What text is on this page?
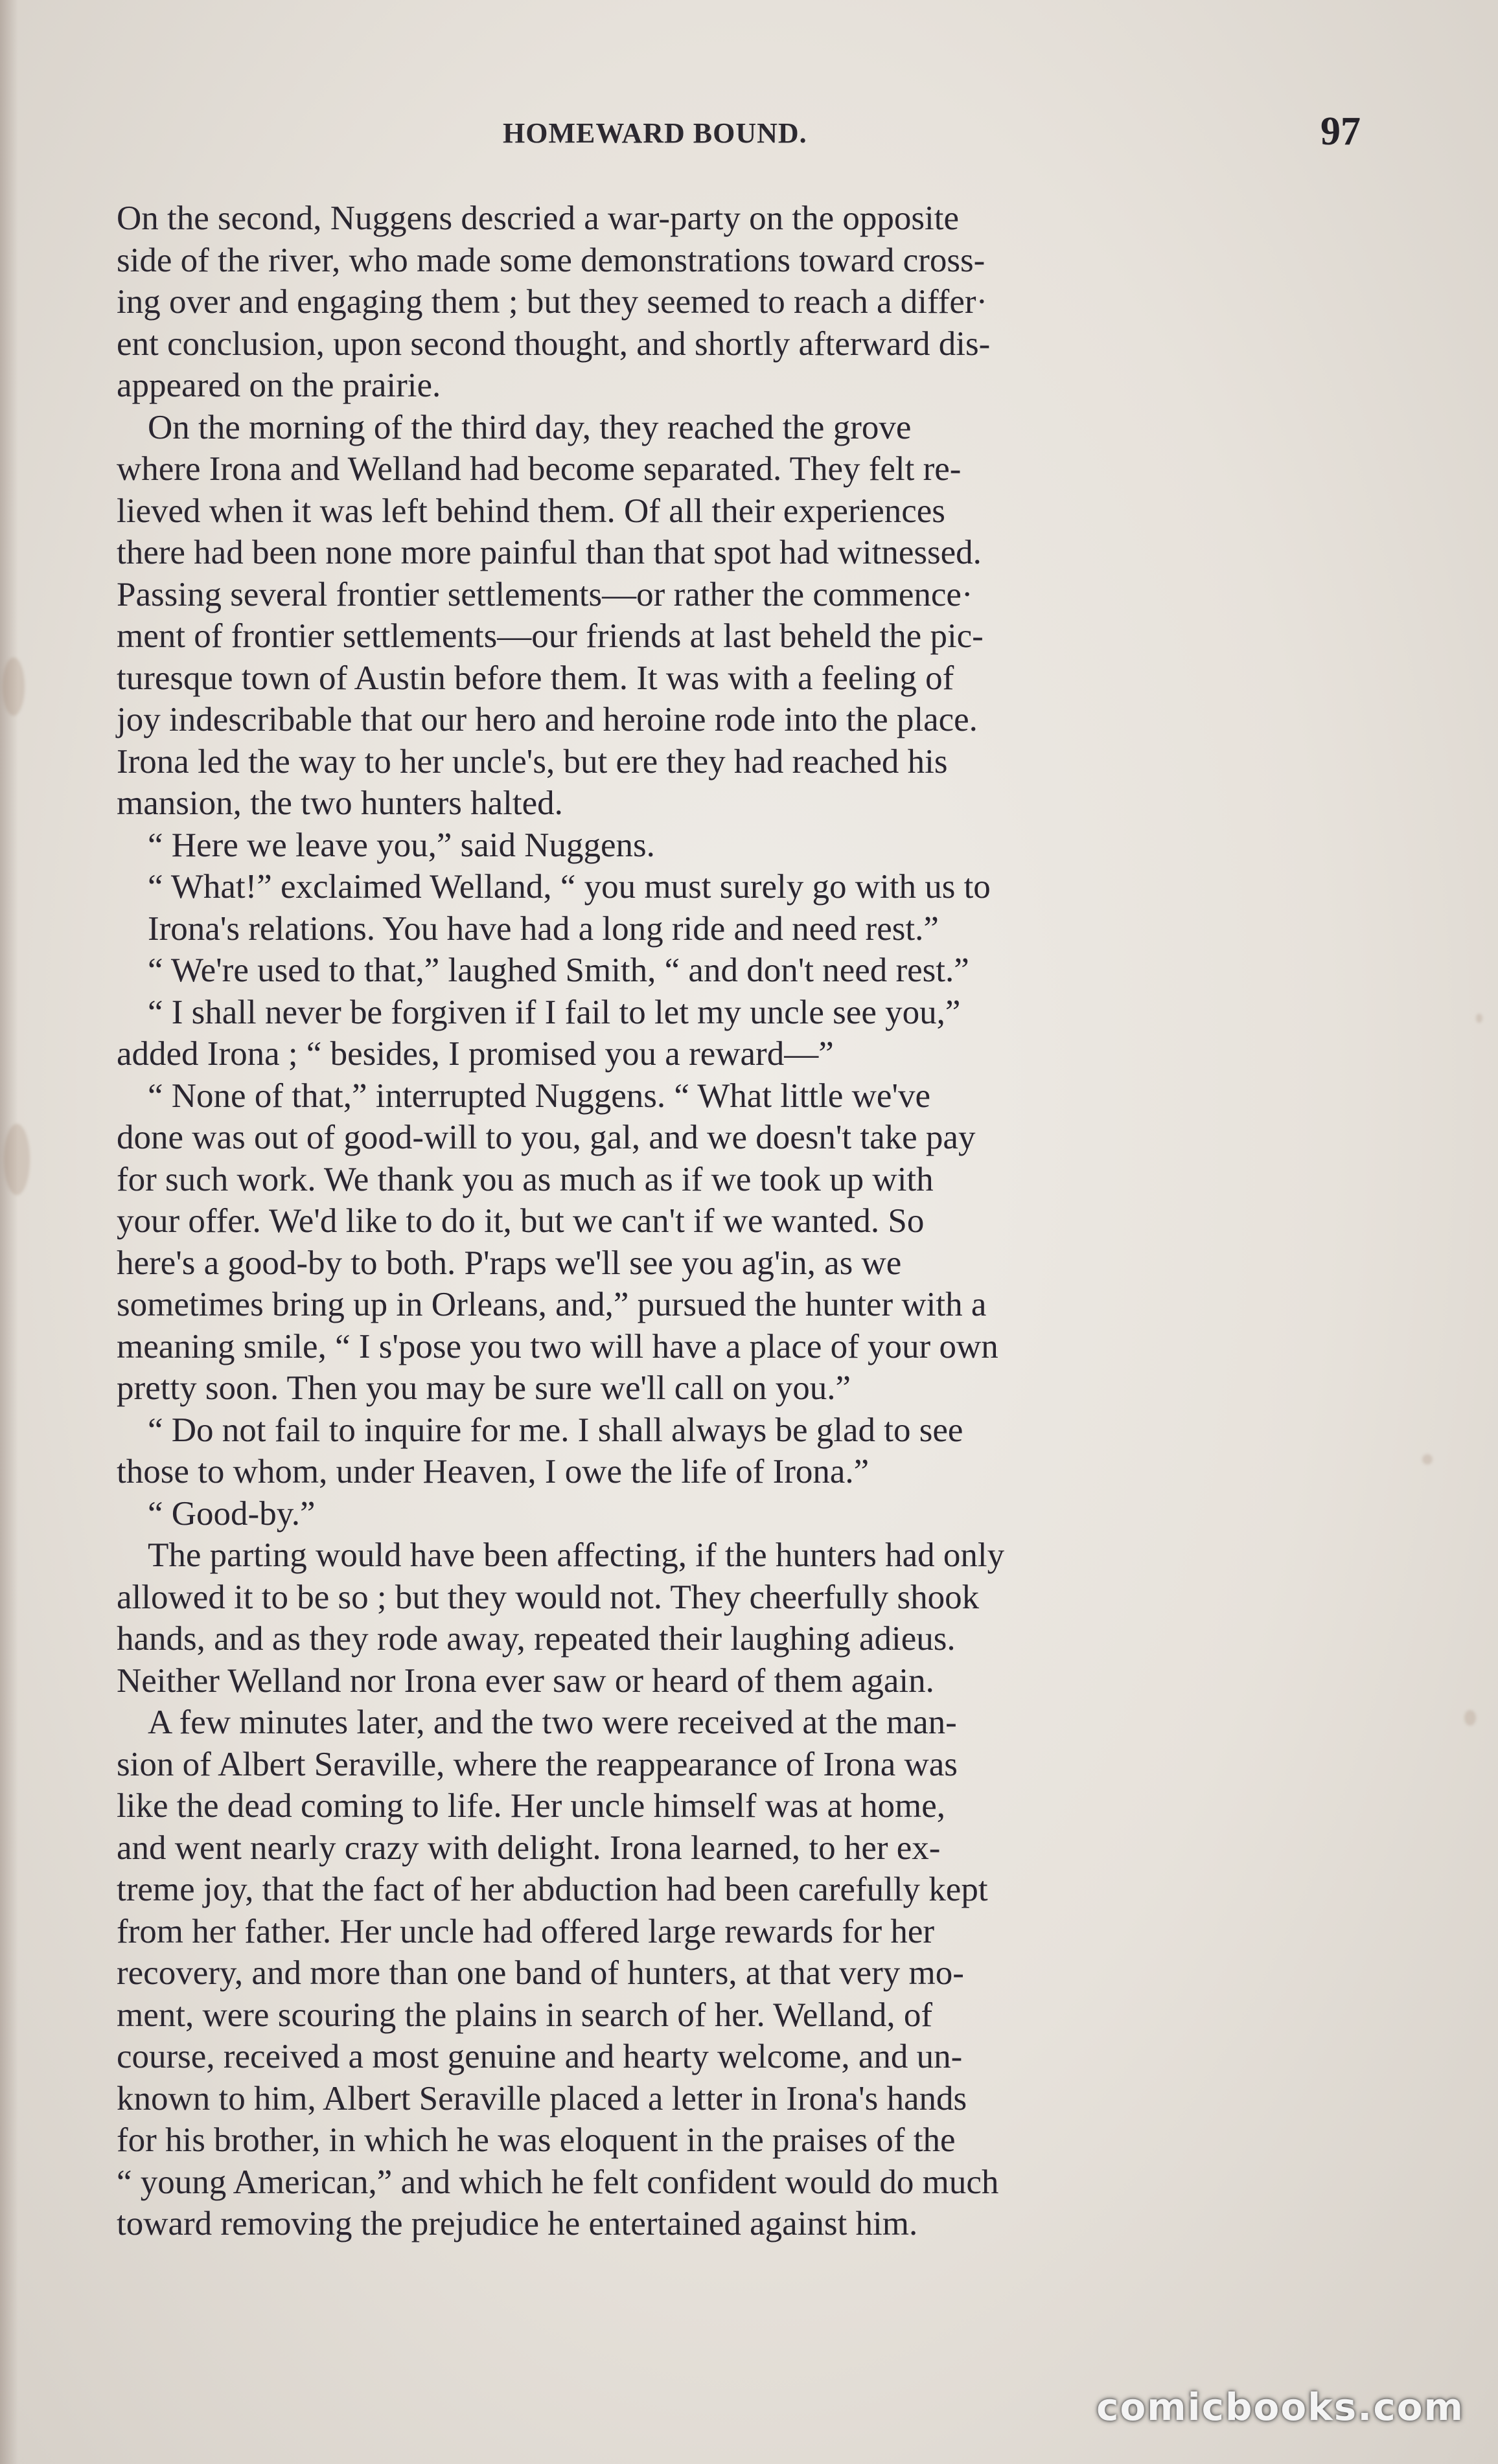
HOMEWARD BOUND.	97
On the second, Nuggens descried a war-party on the opposite
side of the river, who made some demonstrations toward cross-
ing over and engaging them ; but they seemed to reach a differ·
ent conclusion, upon second thought, and shortly afterward dis-
appeared on the prairie.
On the morning of the third day, they reached the grove
where Irona and Welland had become separated. They felt re-
lieved when it was left behind them. Of all their experiences
there had been none more painful than that spot had witnessed.
Passing several frontier settlements—or rather the commence·
ment of frontier settlements—our friends at last beheld the pic-
turesque town of Austin before them. It was with a feeling of
joy indescribable that our hero and heroine rode into the place.
Irona led the way to her uncle's, but ere they had reached his
mansion, the two hunters halted.
“ Here we leave you,” said Nuggens.
“ What!” exclaimed Welland, “ you must surely go with us to
Irona's relations. You have had a long ride and need rest.”
“ We're used to that,” laughed Smith, “ and don't need rest.”
“ I shall never be forgiven if I fail to let my uncle see you,”
added Irona ; “ besides, I promised you a reward—”
“ None of that,” interrupted Nuggens. “ What little we've
done was out of good-will to you, gal, and we doesn't take pay
for such work. We thank you as much as if we took up with
your offer. We'd like to do it, but we can't if we wanted. So
here's a good-by to both. P'raps we'll see you ag'in, as we
sometimes bring up in Orleans, and,” pursued the hunter with a
meaning smile, “ I s'pose you two will have a place of your own
pretty soon. Then you may be sure we'll call on you.”
“ Do not fail to inquire for me. I shall always be glad to see
those to whom, under Heaven, I owe the life of Irona.”
“ Good-by.”
The parting would have been affecting, if the hunters had only
allowed it to be so ; but they would not. They cheerfully shook
hands, and as they rode away, repeated their laughing adieus.
Neither Welland nor Irona ever saw or heard of them again.
A few minutes later, and the two were received at the man-
sion of Albert Seraville, where the reappearance of Irona was
like the dead coming to life. Her uncle himself was at home,
and went nearly crazy with delight. Irona learned, to her ex-
treme joy, that the fact of her abduction had been carefully kept
from her father. Her uncle had offered large rewards for her
recovery, and more than one band of hunters, at that very mo-
ment, were scouring the plains in search of her. Welland, of
course, received a most genuine and hearty welcome, and un-
known to him, Albert Seraville placed a letter in Irona's hands
for his brother, in which he was eloquent in the praises of the
“ young American,” and which he felt confident would do much
toward removing the prejudice he entertained against him.
comicbooks.com
